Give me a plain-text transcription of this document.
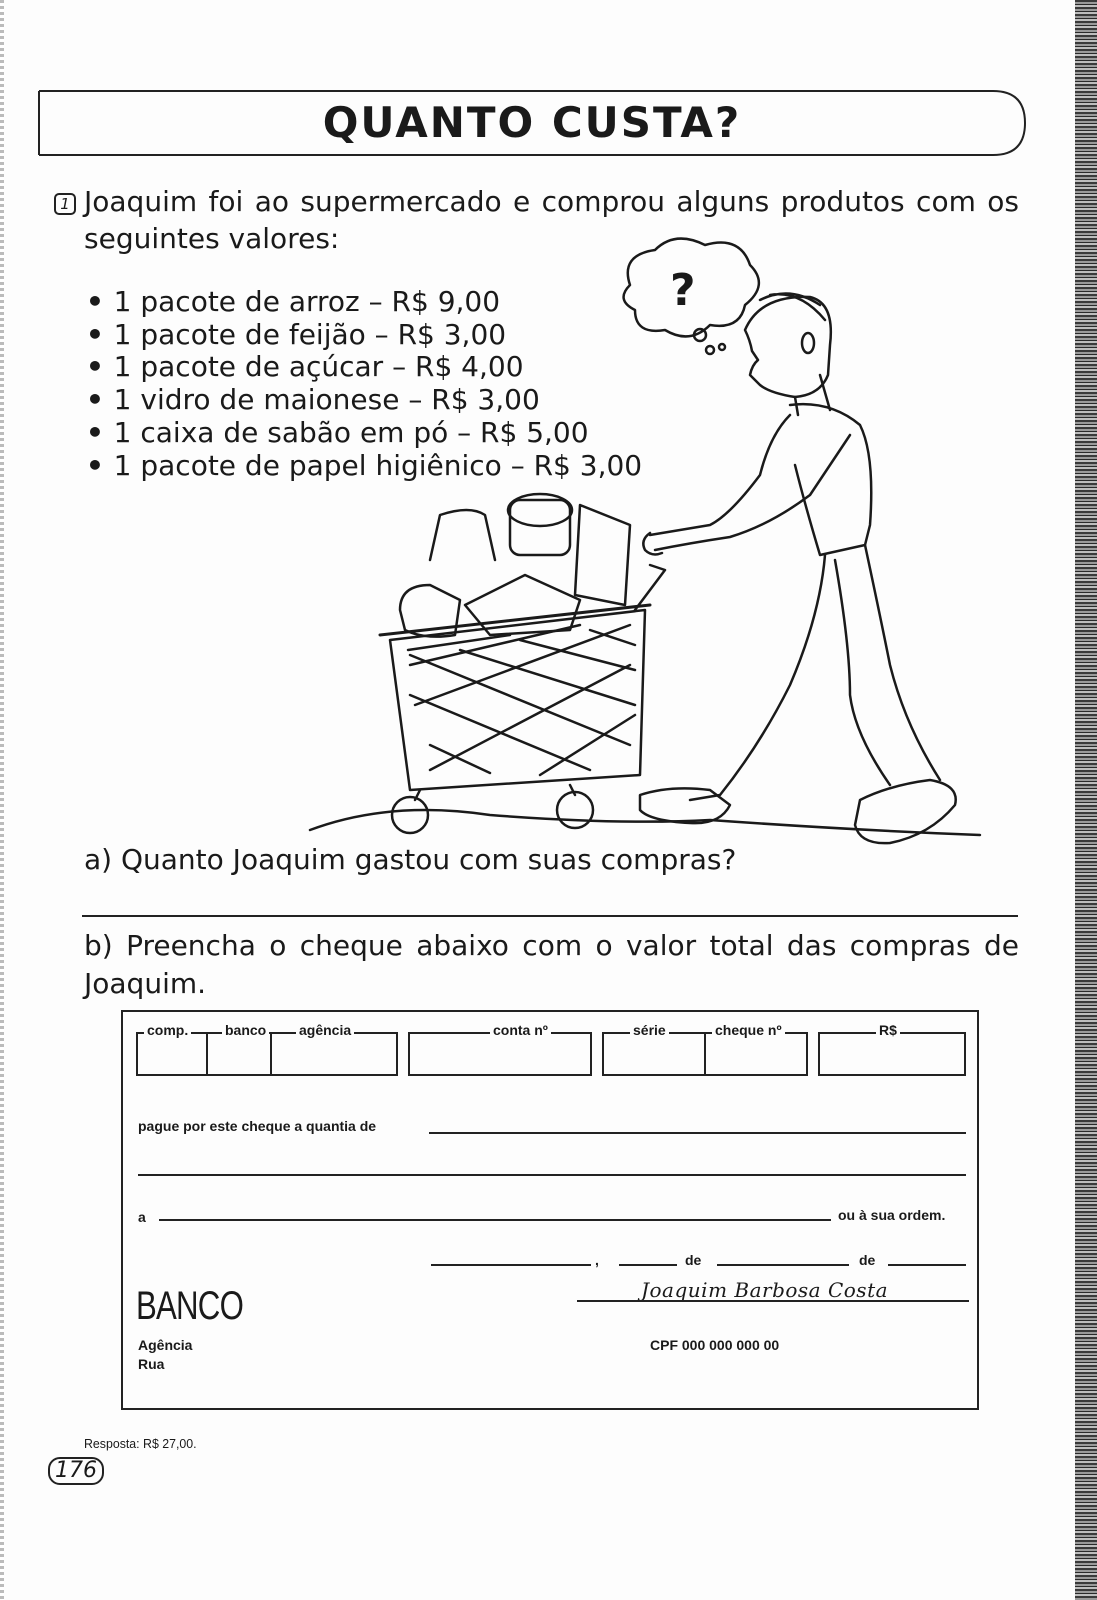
QUANTO CUSTA?
1 Joaquim foi ao supermercado e comprou alguns produtos com os seguintes valores:
• 1 pacote de arroz – R$ 9,00
• 1 pacote de feijão – R$ 3,00
• 1 pacote de açúcar – R$ 4,00
• 1 vidro de maionese – R$ 3,00
• 1 caixa de sabão em pó – R$ 5,00
• 1 pacote de papel higiênico – R$ 3,00
?
a) Quanto Joaquim gastou com suas compras?
b) Preencha o cheque abaixo com o valor total das compras de Joaquim.
comp.	banco agência	conta nº	série	cheque nº	R$
pague por este cheque a quantia de
a	ou à sua ordem.
,	de	de
Joaquim Barbosa Costa
BANCO
Agência
Rua
CPF 000 000 000 00
Resposta: R$ 27,00.
176
